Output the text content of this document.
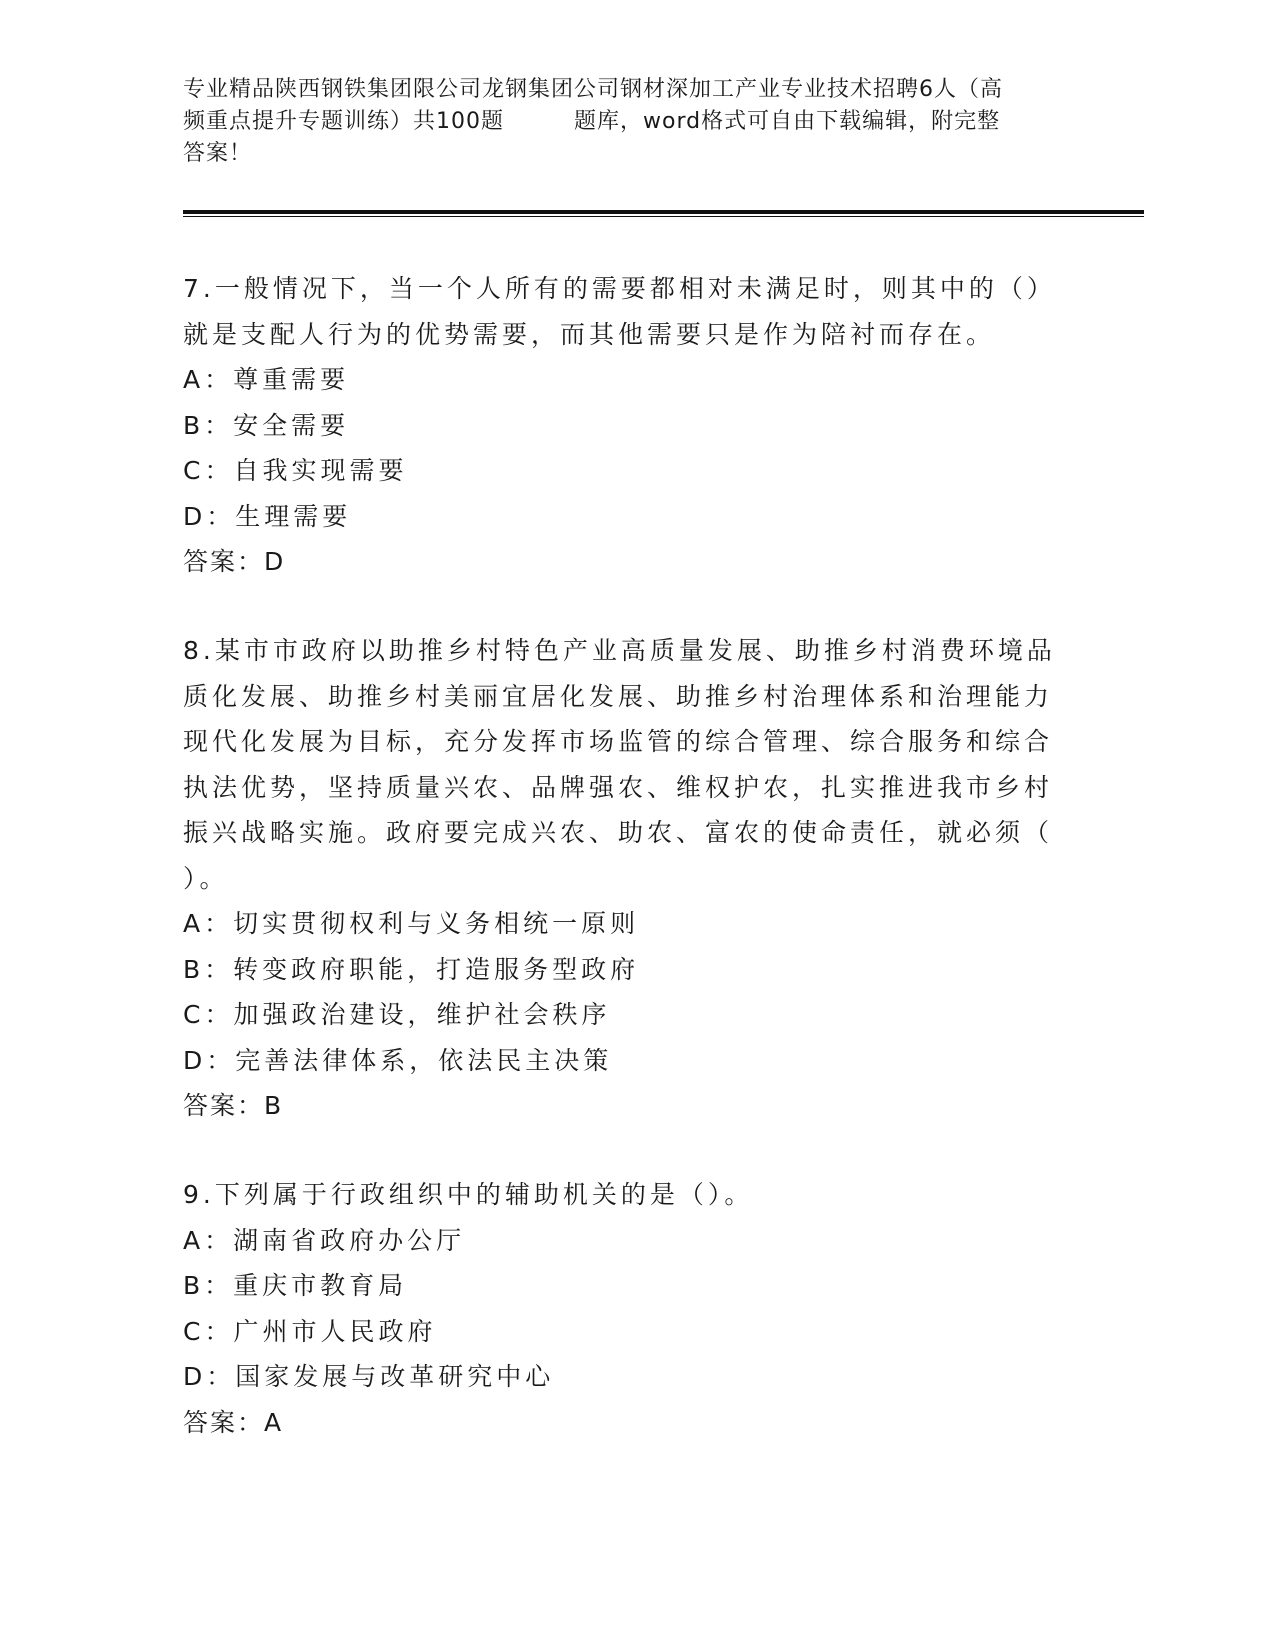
专业精品陕西钢铁集团限公司龙钢集团公司钢材深加工产业专业技术招聘6人（高
频重点提升专题训练）共100题	题库，word格式可自由下载编辑，附完整
答案！

7.一般情况下，当一个人所有的需要都相对未满足时，则其中的（）

就是支配人行为的优势需要，而其他需要只是作为陪衬而存在。

A：尊重需要

B：安全需要

C：自我实现需要

D：生理需要

答案：D

8.某市市政府以助推乡村特色产业高质量发展、助推乡村消费环境品

质化发展、助推乡村美丽宜居化发展、助推乡村治理体系和治理能力

现代化发展为目标，充分发挥市场监管的综合管理、综合服务和综合

执法优势，坚持质量兴农、品牌强农、维权护农，扎实推进我市乡村

振兴战略实施。政府要完成兴农、助农、富农的使命责任，就必须（

）。

A：切实贯彻权利与义务相统一原则

B：转变政府职能，打造服务型政府

C：加强政治建设，维护社会秩序

D：完善法律体系，依法民主决策

答案：B

9.下列属于行政组织中的辅助机关的是（）。

A：湖南省政府办公厅

B：重庆市教育局

C：广州市人民政府

D：国家发展与改革研究中心

答案：A
